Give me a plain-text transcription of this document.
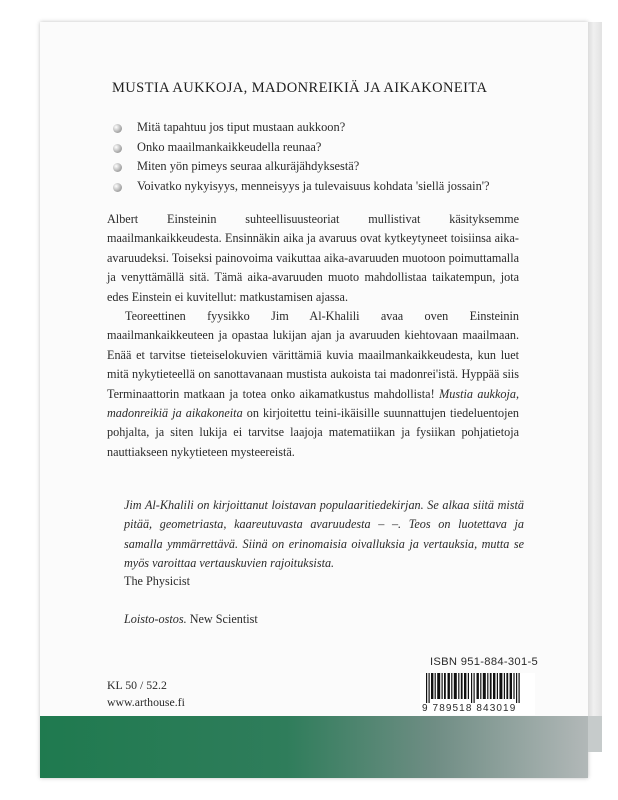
MUSTIA AUKKOJA, MADONREIKIÄ JA AIKAKONEITA
Mitä tapahtuu jos tiput mustaan aukkoon?
Onko maailmankaikkeudella reunaa?
Miten yön pimeys seuraa alkuräjähdyksestä?
Voivatko nykyisyys, menneisyys ja tulevaisuus kohdata 'siellä jossain'?

Albert Einsteinin suhteellisuusteoriat mullistivat käsityksemme maailmankaikkeudesta. Ensinnäkin aika ja avaruus ovat kytkeytyneet toisiinsa aika-avaruudeksi. Toiseksi painovoima vaikuttaa aika-avaruuden muotoon poimuttamalla ja venyttämällä sitä. Tämä aika-avaruuden muoto mahdollistaa taikatempun, jota edes Einstein ei kuvitellut: matkustamisen ajassa.

Teoreettinen fyysikko Jim Al-Khalili avaa oven Einsteinin maailmankaikkeuteen ja opastaa lukijan ajan ja avaruuden kiehtovaan maailmaan. Enää et tarvitse tieteiselokuvien värittämiä kuvia maailmankaikkeudesta, kun luet mitä nykytieteellä on sanottavanaan mustista aukoista tai madonrei'istä. Hyppää siis Terminaattorin matkaan ja totea onko aikamatkustus mahdollista! Mustia aukkoja, madonreikiä ja aikakoneita on kirjoitettu teini-ikäisille suunnattujen tiedeluentojen pohjalta, ja siten lukija ei tarvitse laajoja matematiikan ja fysiikan pohjatietoja nauttiakseen nykytieteen mysteereistä.

Jim Al-Khalili on kirjoittanut loistavan populaaritiedekirjan. Se alkaa siitä mistä pitää, geometriasta, kaareutuvasta avaruudesta – –. Teos on luotettava ja samalla ymmärrettävä. Siinä on erinomaisia oivalluksia ja vertauksia, mutta se myös varoittaa vertauskuvien rajoituksista.

The Physicist
Loisto-ostos. New Scientist
ISBN 951-884-301-5
9 789518 843019
KL 50 / 52.2
www.arthouse.fi
